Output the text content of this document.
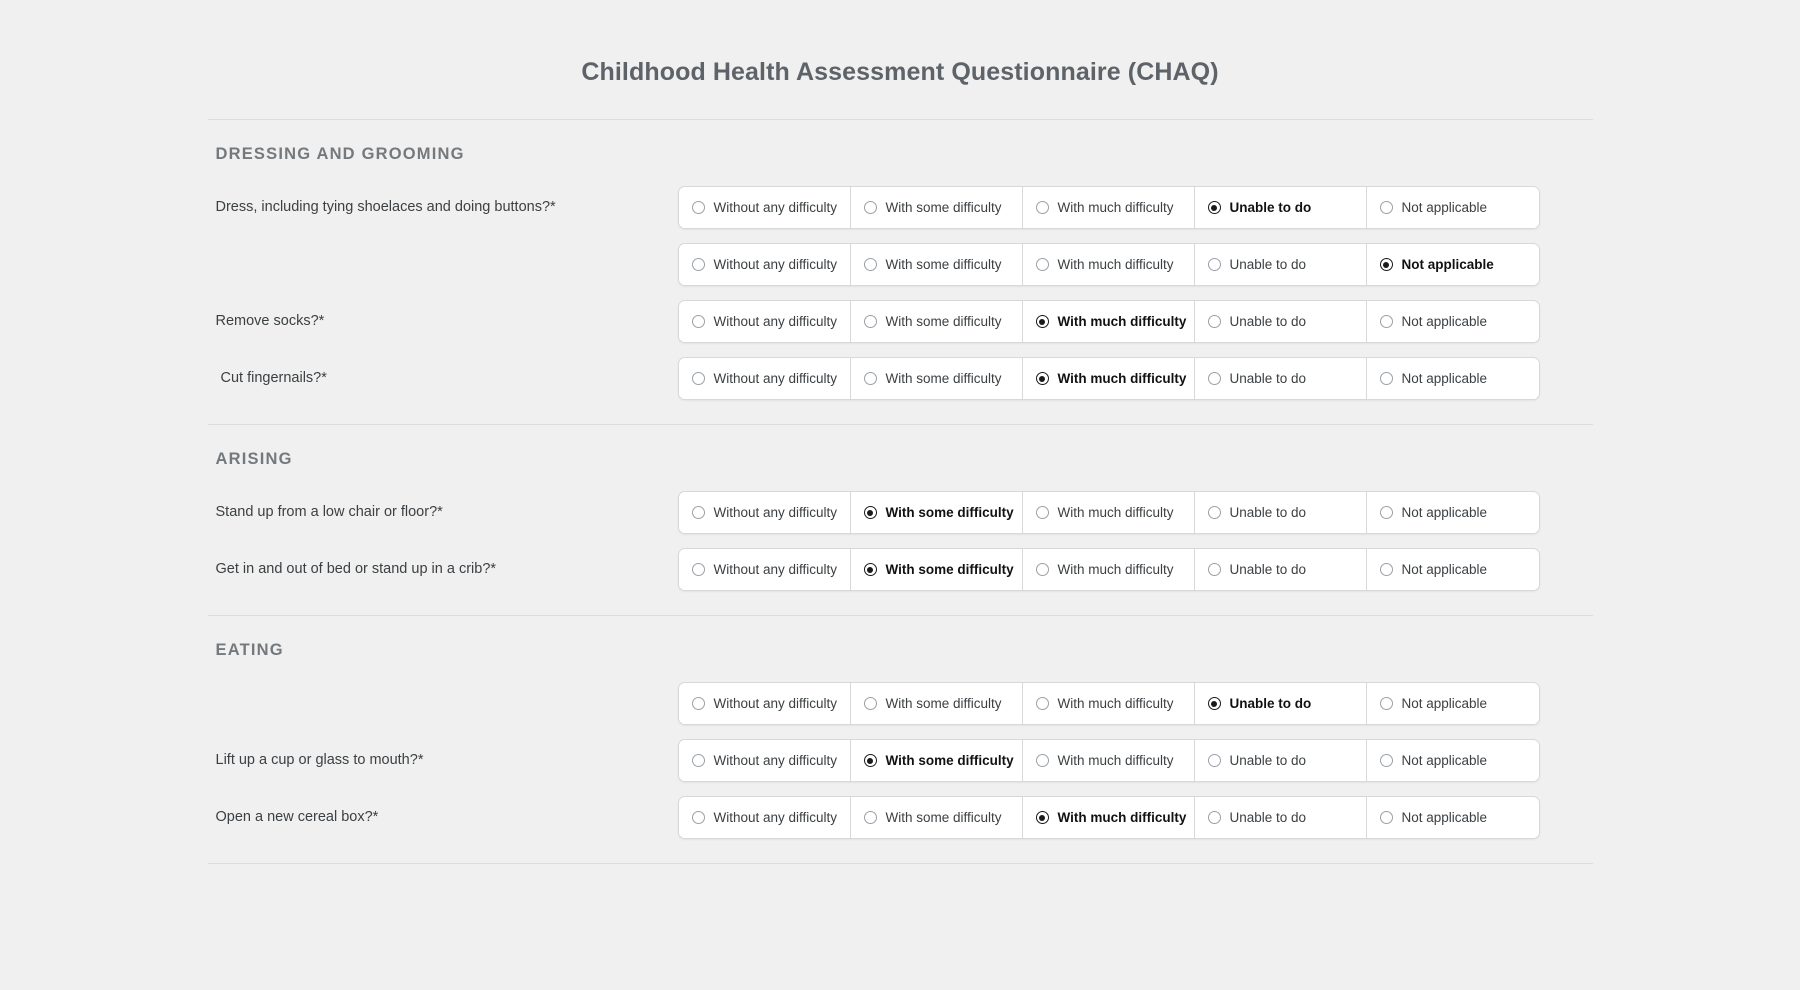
Childhood Health Assessment Questionnaire (CHAQ)
DRESSING AND GROOMING
Dress, including tying shoelaces and doing buttons?*	Without any difficulty	With some difficulty	With much difficulty	Unable to do	Not applicable
Without any difficulty	With some difficulty	With much difficulty	Unable to do	Not applicable
Remove socks?*	Without any difficulty	With some difficulty	With much difficulty	Unable to do	Not applicable
Cut fingernails?*	Without any difficulty	With some difficulty	With much difficulty	Unable to do	Not applicable
ARISING
Stand up from a low chair or floor?*	Without any difficulty	With some difficulty	With much difficulty	Unable to do	Not applicable
Get in and out of bed or stand up in a crib?*	Without any difficulty	With some difficulty	With much difficulty	Unable to do	Not applicable
EATING
Without any difficulty	With some difficulty	With much difficulty	Unable to do	Not applicable
Lift up a cup or glass to mouth?*	Without any difficulty	With some difficulty	With much difficulty	Unable to do	Not applicable
Open a new cereal box?*	Without any difficulty	With some difficulty	With much difficulty	Unable to do	Not applicable
